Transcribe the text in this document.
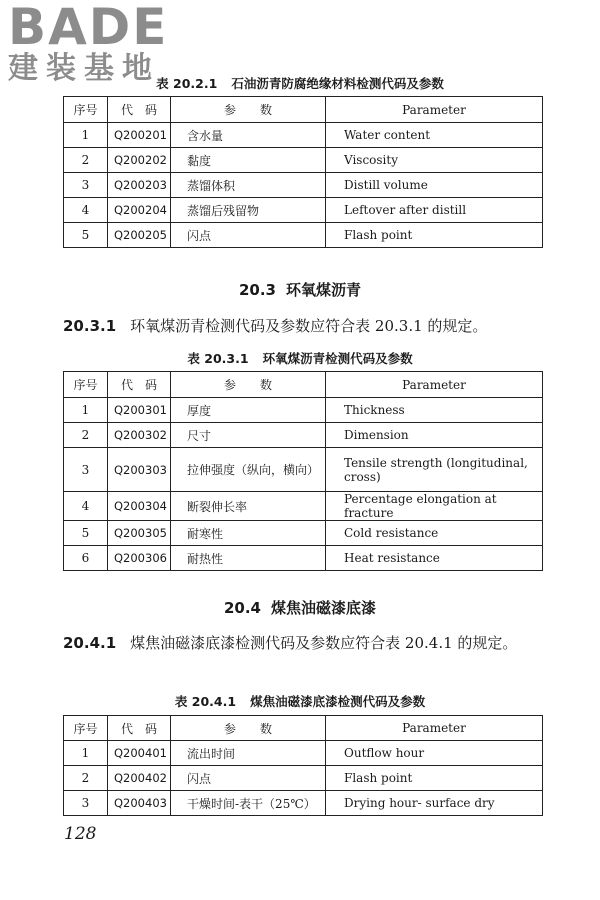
BADE
建装基地
表 20.2.1 石油沥青防腐绝缘材料检测代码及参数
序号	代　码	参　　数	Parameter
1	Q200201	含水量	Water content
2	Q200202	黏度	Viscosity
3	Q200203	蒸馏体积	Distill volume
4	Q200204	蒸馏后残留物	Leftover after distill
5	Q200205	闪点	Flash point
20.3 环氧煤沥青
20.3.1 环氧煤沥青检测代码及参数应符合表 20.3.1 的规定。
表 20.3.1 环氧煤沥青检测代码及参数
序号	代　码	参　　数	Parameter
1	Q200301	厚度	Thickness
2	Q200302	尺寸	Dimension
3	Q200303	拉伸强度（纵向，横向）	Tensile strength (longitudinal, cross)
4	Q200304	断裂伸长率	Percentage elongation at fracture
5	Q200305	耐寒性	Cold resistance
6	Q200306	耐热性	Heat resistance
20.4 煤焦油磁漆底漆
20.4.1 煤焦油磁漆底漆检测代码及参数应符合表 20.4.1 的规定。
表 20.4.1 煤焦油磁漆底漆检测代码及参数
序号	代　码	参　　数	Parameter
1	Q200401	流出时间	Outflow hour
2	Q200402	闪点	Flash point
3	Q200403	干燥时间-表干（25℃）	Drying hour- surface dry
128
